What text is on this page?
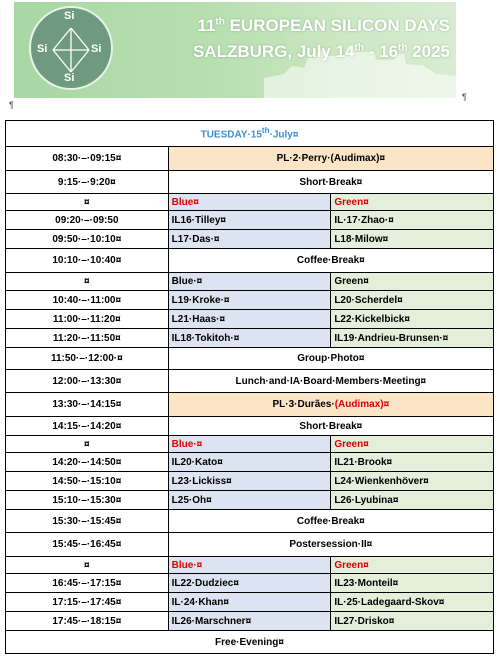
Si
Si	Si
Si
11th EUROPEAN SILICON DAYS
SALZBURG, July 14th - 16th 2025
¶
¶
TUESDAY·15th·July¤		
08:30·–·09:15¤	PL·2·Perry·(Audimax)¤	
9:15·–·9:20¤	Short·Break¤	
¤	Blue¤	Green¤
09:20·–·09:50	IL16·Tilley¤	IL·17·Zhao·¤
09:50·–·10:10¤	L17·Das·¤	L18·Milow¤
10:10·–·10:40¤	Coffee·Break¤	
¤	Blue·¤	Green¤
10:40·–·11:00¤	L19·Kroke·¤	L20·Scherdel¤
11:00·–·11:20¤	L21·Haas·¤	L22·Kickelbick¤
11:20·–·11:50¤	IL18·Tokitoh·¤	IL19·Andrieu-Brunsen·¤
11:50·–·12:00·¤	Group·Photo¤	
12:00·–·13:30¤	Lunch·and·IA·Board·Members·Meeting¤	
13:30·–·14:15¤	PL·3·Durães·(Audimax)¤	
14:15·–·14:20¤	Short·Break¤	
¤	Blue·¤	Green¤
14:20·–·14:50¤	IL20·Kato¤	IL21·Brook¤
14:50·–·15:10¤	L23·Lickiss¤	L24·Wienkenhöver¤
15:10·–·15:30¤	L25·Oh¤	L26·Lyubina¤
15:30·–·15:45¤	Coffee·Break¤	
15:45·–·16:45¤	Postersession·II¤	
¤	Blue·¤	Green¤
16:45·–·17:15¤	IL22·Dudziec¤	IL23·Monteil¤
17:15·–·17:45¤	IL·24·Khan¤	IL·25·Ladegaard-Skov¤
17:45·–·18:15¤	IL26·Marschner¤	IL27·Drisko¤
Free·Evening¤		
